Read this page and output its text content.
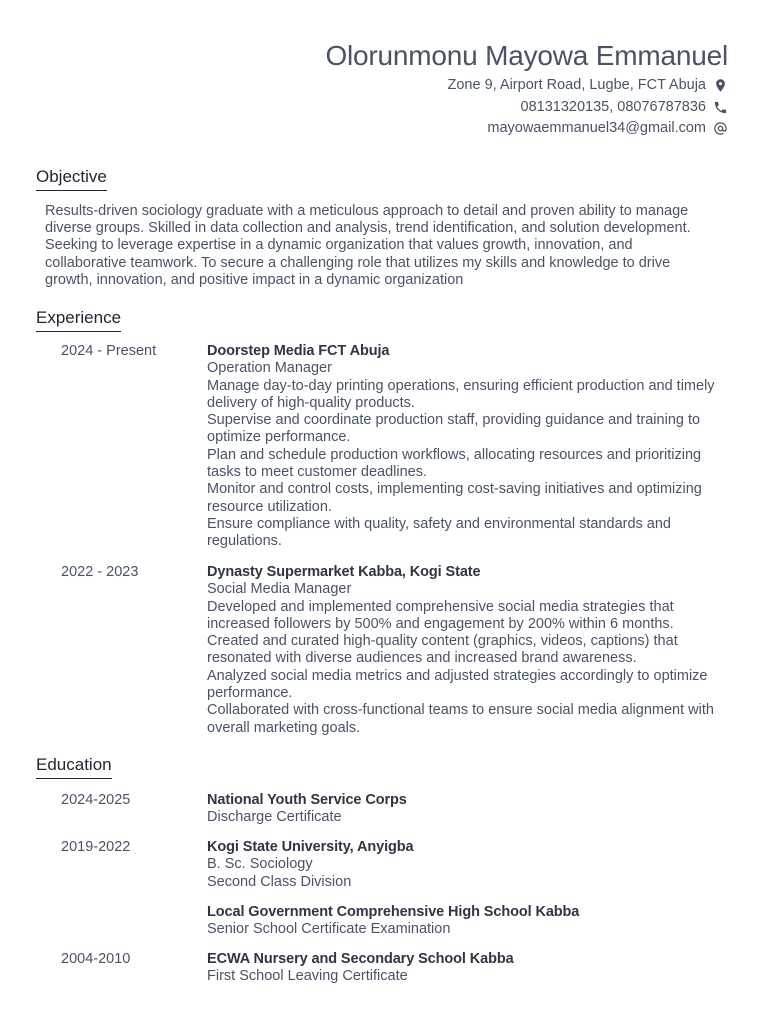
Olorunmonu Mayowa Emmanuel
Zone 9, Airport Road, Lugbe, FCT Abuja
08131320135, 08076787836
mayowaemmanuel34@gmail.com
Objective
Results-driven sociology graduate with a meticulous approach to detail and proven ability to manage diverse groups. Skilled in data collection and analysis, trend identification, and solution development. Seeking to leverage expertise in a dynamic organization that values growth, innovation, and collaborative teamwork. To secure a challenging role that utilizes my skills and knowledge to drive growth, innovation, and positive impact in a dynamic organization
Experience
2024 - Present	Doorstep Media FCT Abuja
Operation Manager
Manage day-to-day printing operations, ensuring efficient production and timely delivery of high-quality products.
Supervise and coordinate production staff, providing guidance and training to optimize performance.
Plan and schedule production workflows, allocating resources and prioritizing tasks to meet customer deadlines.
Monitor and control costs, implementing cost-saving initiatives and optimizing resource utilization.
Ensure compliance with quality, safety and environmental standards and regulations.
2022 - 2023	Dynasty Supermarket Kabba, Kogi State
Social Media Manager
Developed and implemented comprehensive social media strategies that increased followers by 500% and engagement by 200% within 6 months.
Created and curated high-quality content (graphics, videos, captions) that resonated with diverse audiences and increased brand awareness.
Analyzed social media metrics and adjusted strategies accordingly to optimize performance.
Collaborated with cross-functional teams to ensure social media alignment with overall marketing goals.
Education
2024-2025	National Youth Service Corps
Discharge Certificate
2019-2022	Kogi State University, Anyigba
B. Sc. Sociology
Second Class Division
Local Government Comprehensive High School Kabba
Senior School Certificate Examination
2004-2010	ECWA Nursery and Secondary School Kabba
First School Leaving Certificate
